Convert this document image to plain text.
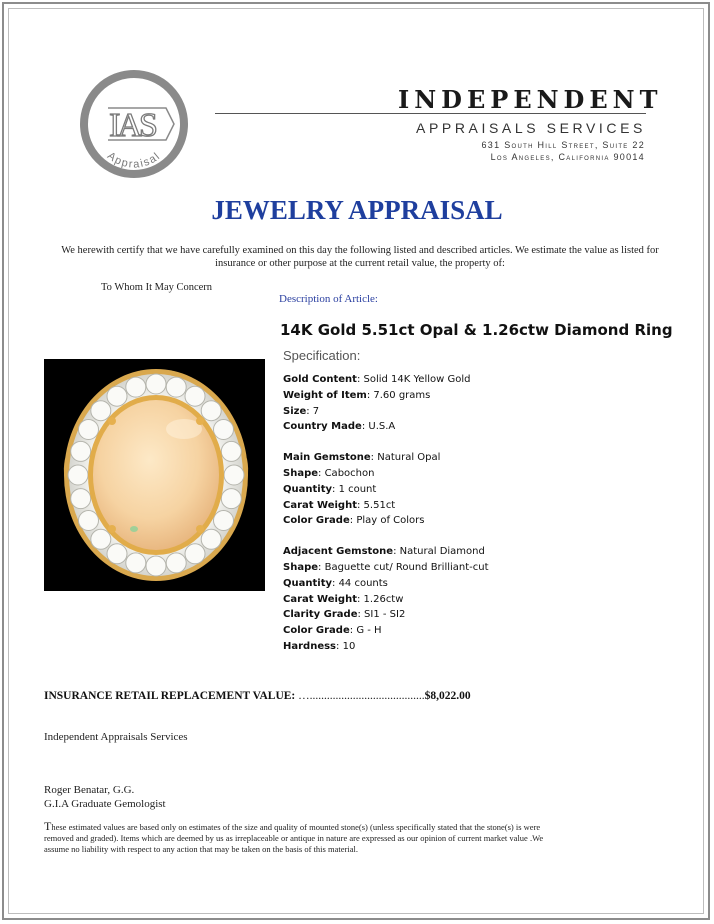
IAS
Appraisal
INDEPENDENT
APPRAISALS SERVICES
631 South Hill Street, Suite 22
Los Angeles, California 90014
JEWELRY APPRAISAL
We herewith certify that we have carefully examined on this day the following listed and described articles. We estimate the value as listed for insurance or other purpose at the current retail value, the property of:
To Whom It May Concern
Description of Article:
14K Gold 5.51ct Opal & 1.26ctw Diamond Ring
Specification:
Gold Content: Solid 14K Yellow Gold
Weight of Item: 7.60 grams
Size: 7
Country Made: U.S.A
Main Gemstone: Natural Opal
Shape: Cabochon
Quantity: 1 count
Carat Weight: 5.51ct
Color Grade: Play of Colors
Adjacent Gemstone: Natural Diamond
Shape: Baguette cut/ Round Brilliant-cut
Quantity: 44 counts
Carat Weight: 1.26ctw
Clarity Grade: SI1 - SI2
Color Grade: G - H
Hardness: 10
INSURANCE RETAIL REPLACEMENT VALUE: …........................................$8,022.00
Independent Appraisals Services
Roger Benatar, G.G.
G.I.A Graduate Gemologist
These estimated values are based only on estimates of the size and quality of mounted stone(s) (unless specifically stated that the stone(s) is were removed and graded). Items which are deemed by us as irreplaceable or antique in nature are expressed as our opinion of current market value .We assume no liability with respect to any action that may be taken on the basis of this material.
